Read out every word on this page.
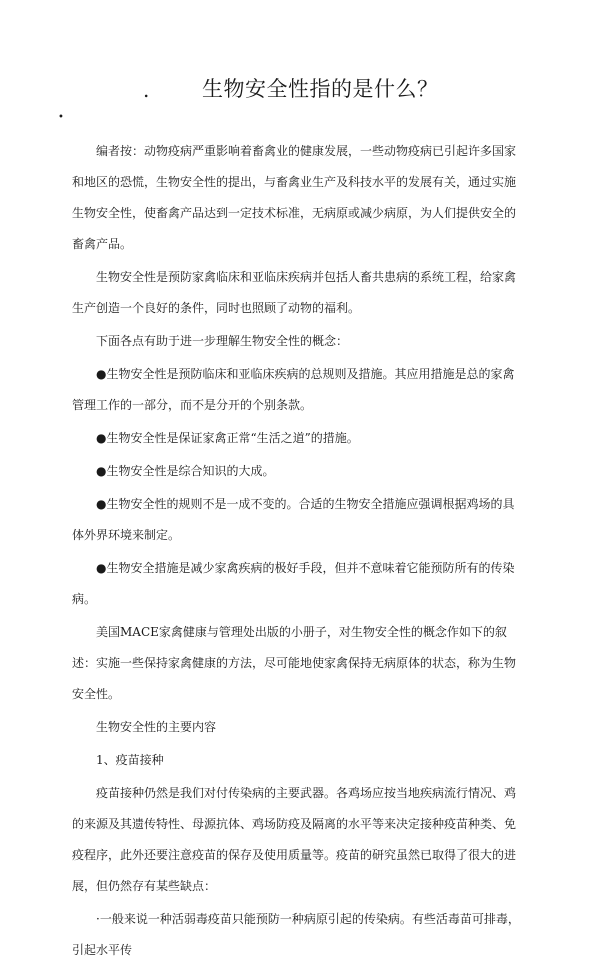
.	生物安全性指的是什么？
•

编者按：动物疫病严重影响着畜禽业的健康发展，一些动物疫病已引起许多国家和地区的恐慌，生物安全性的提出，与畜禽业生产及科技水平的发展有关，通过实施生物安全性，使畜禽产品达到一定技术标准，无病原或减少病原，为人们提供安全的畜禽产品。

生物安全性是预防家禽临床和亚临床疾病并包括人畜共患病的系统工程，给家禽生产创造一个良好的条件，同时也照顾了动物的福利。

下面各点有助于进一步理解生物安全性的概念：

●生物安全性是预防临床和亚临床疾病的总规则及措施。其应用措施是总的家禽管理工作的一部分，而不是分开的个别条款。

●生物安全性是保证家禽正常“生活之道”的措施。

●生物安全性是综合知识的大成。

●生物安全性的规则不是一成不变的。合适的生物安全措施应强调根据鸡场的具体外界环境来制定。

●生物安全措施是减少家禽疾病的极好手段，但并不意味着它能预防所有的传染病。

美国MACE家禽健康与管理处出版的小册子，对生物安全性的概念作如下的叙述：实施一些保持家禽健康的方法，尽可能地使家禽保持无病原体的状态，称为生物安全性。

生物安全性的主要内容

1、疫苗接种

疫苗接种仍然是我们对付传染病的主要武器。各鸡场应按当地疾病流行情况、鸡的来源及其遗传特性、母源抗体、鸡场防疫及隔离的水平等来决定接种疫苗种类、免疫程序，此外还要注意疫苗的保存及使用质量等。疫苗的研究虽然已取得了很大的进展，但仍然存有某些缺点：

·一般来说一种活弱毒疫苗只能预防一种病原引起的传染病。有些活毒苗可排毒，引起水平传
